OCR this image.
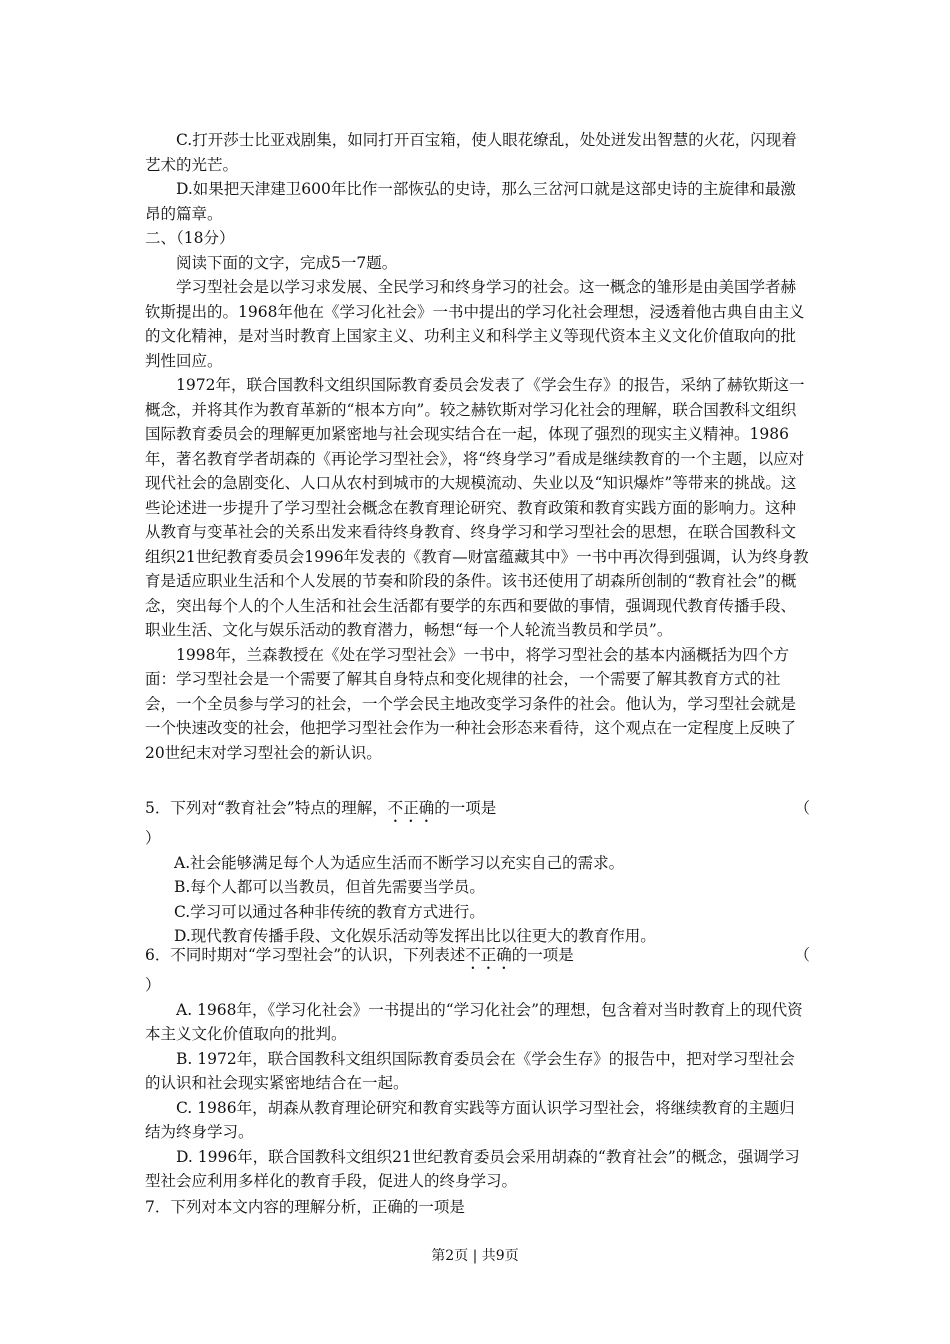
C.打开莎士比亚戏剧集，如同打开百宝箱，使人眼花缭乱，处处迸发出智慧的火花，闪现着艺术的光芒。

D.如果把天津建卫600年比作一部恢弘的史诗，那么三岔河口就是这部史诗的主旋律和最激昂的篇章。

二、（18分）

阅读下面的文字，完成5一7题。

学习型社会是以学习求发展、全民学习和终身学习的社会。这一概念的雏形是由美国学者赫钦斯提出的。1968年他在《学习化社会》一书中提出的学习化社会理想，浸透着他古典自由主义的文化精神，是对当时教育上国家主义、功利主义和科学主义等现代资本主义文化价值取向的批判性回应。

1972年，联合国教科文组织国际教育委员会发表了《学会生存》的报告，采纳了赫钦斯这一概念，并将其作为教育革新的“根本方向”。较之赫钦斯对学习化社会的理解，联合国教科文组织国际教育委员会的理解更加紧密地与社会现实结合在一起，体现了强烈的现实主义精神。1986年，著名教育学者胡森的《再论学习型社会》，将“终身学习”看成是继续教育的一个主题，以应对现代社会的急剧变化、人口从农村到城市的大规模流动、失业以及“知识爆炸”等带来的挑战。这些论述进一步提升了学习型社会概念在教育理论研究、教育政策和教育实践方面的影响力。这种从教育与变革社会的关系出发来看待终身教育、终身学习和学习型社会的思想，在联合国教科文组织21世纪教育委员会1996年发表的《教育—财富蕴藏其中》一书中再次得到强调，认为终身教育是适应职业生活和个人发展的节奏和阶段的条件。该书还使用了胡森所创制的“教育社会”的概念，突出每个人的个人生活和社会生活都有要学的东西和要做的事情，强调现代教育传播手段、职业生活、文化与娱乐活动的教育潜力，畅想“每一个人轮流当教员和学员”。

1998年，兰森教授在《处在学习型社会》一书中，将学习型社会的基本内涵概括为四个方面：学习型社会是一个需要了解其自身特点和变化规律的社会，一个需要了解其教育方式的社会，一个全员参与学习的社会，一个学会民主地改变学习条件的社会。他认为，学习型社会就是一个快速改变的社会，他把学习型社会作为一种社会形态来看待，这个观点在一定程度上反映了20世纪末对学习型社会的新认识。

5．下列对“教育社会”特点的理解，不正确的一项是	（

）

A.社会能够满足每个人为适应生活而不断学习以充实自己的需求。

B.每个人都可以当教员，但首先需要当学员。

C.学习可以通过各种非传统的教育方式进行。

D.现代教育传播手段、文化娱乐活动等发挥出比以往更大的教育作用。

6．不同时期对“学习型社会”的认识，下列表述不正确的一项是	（

）

A. 1968年，《学习化社会》一书提出的“学习化社会”的理想，包含着对当时教育上的现代资本主义文化价值取向的批判。

B. 1972年，联合国教科文组织国际教育委员会在《学会生存》的报告中，把对学习型社会的认识和社会现实紧密地结合在一起。

C. 1986年，胡森从教育理论研究和教育实践等方面认识学习型社会，将继续教育的主题归结为终身学习。

D. 1996年，联合国教科文组织21世纪教育委员会采用胡森的“教育社会”的概念，强调学习型社会应利用多样化的教育手段，促进人的终身学习。

7．下列对本文内容的理解分析，正确的一项是

第2页 | 共9页
